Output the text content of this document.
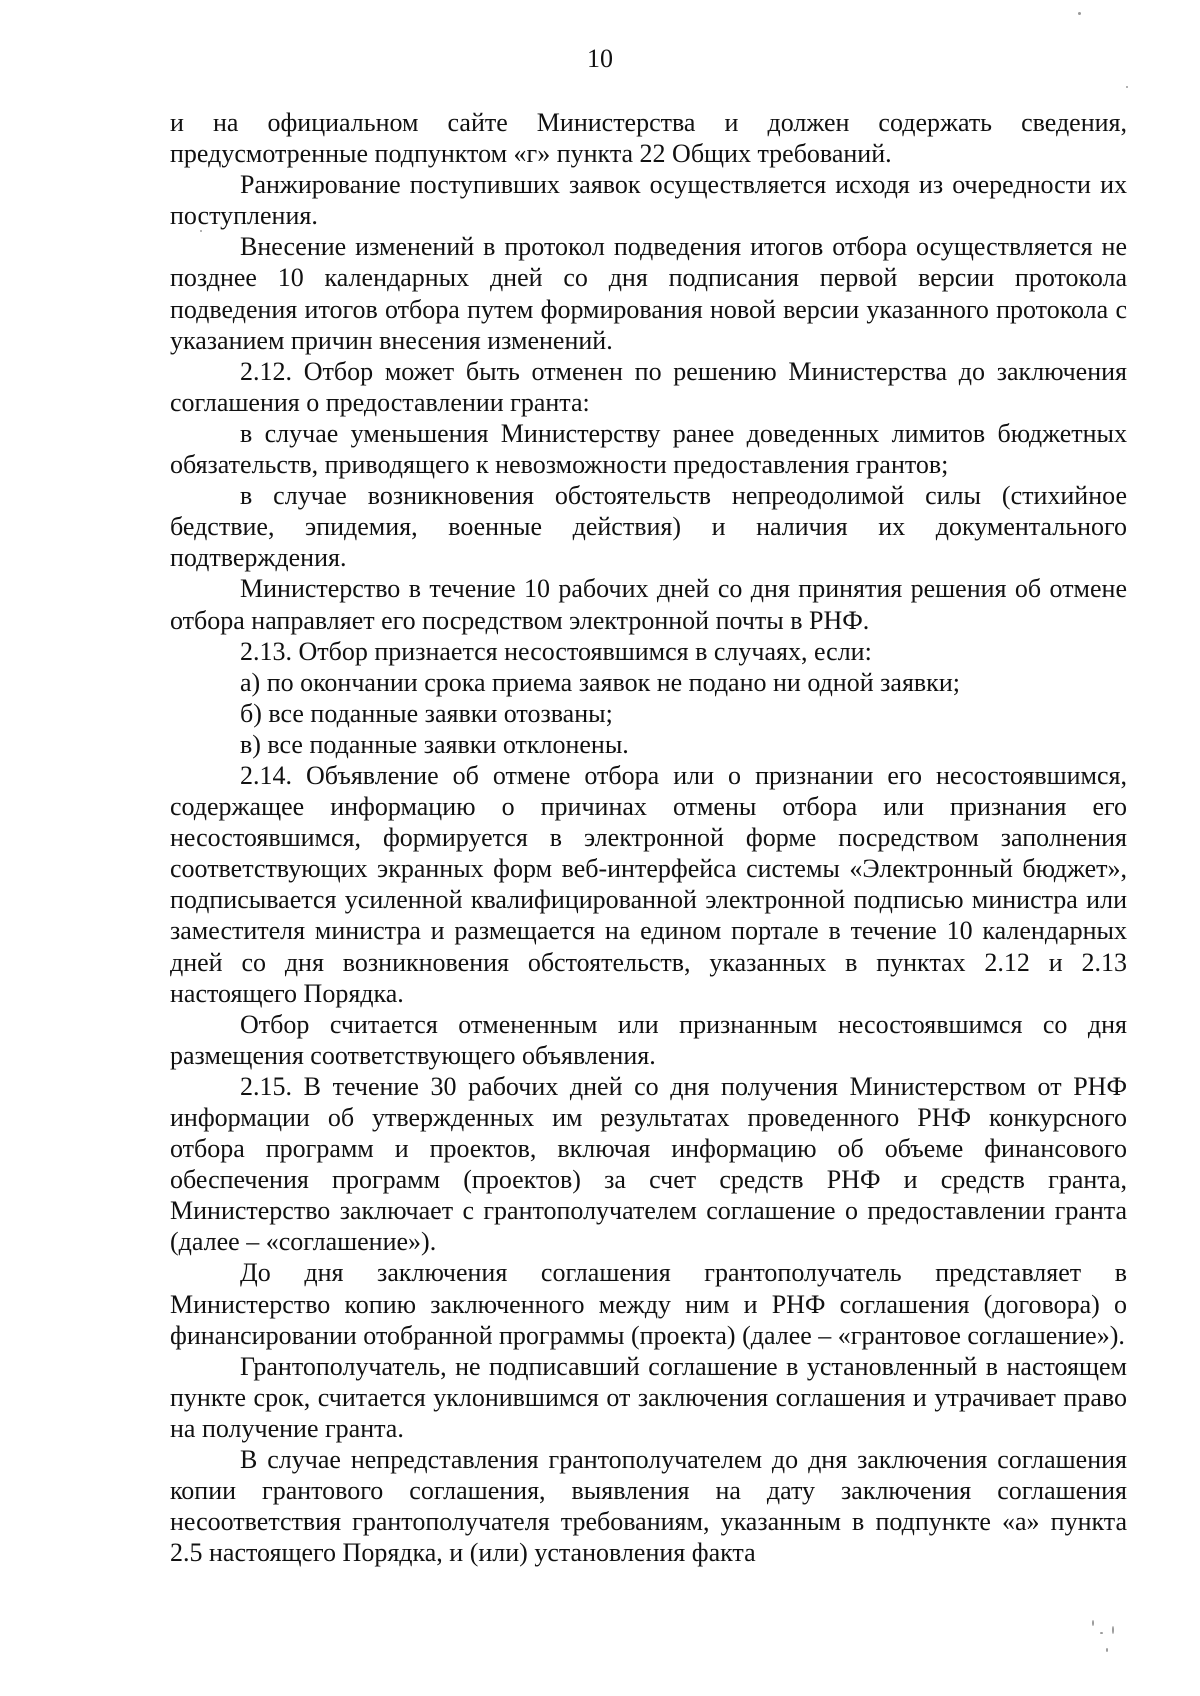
10

и на официальном сайте Министерства и должен содержать сведения, предусмотренные подпунктом «г» пункта 22 Общих требований.

Ранжирование поступивших заявок осуществляется исходя из очередности их поступления.

Внесение изменений в протокол подведения итогов отбора осуществляется не позднее 10 календарных дней со дня подписания первой версии протокола подведения итогов отбора путем формирования новой версии указанного протокола с указанием причин внесения изменений.

2.12. Отбор может быть отменен по решению Министерства до заключения соглашения о предоставлении гранта:

в случае уменьшения Министерству ранее доведенных лимитов бюджетных обязательств, приводящего к невозможности предоставления грантов;

в случае возникновения обстоятельств непреодолимой силы (стихийное бедствие, эпидемия, военные действия) и наличия их документального подтверждения.

Министерство в течение 10 рабочих дней со дня принятия решения об отмене отбора направляет его посредством электронной почты в РНФ.

2.13. Отбор признается несостоявшимся в случаях, если:

а) по окончании срока приема заявок не подано ни одной заявки;

б) все поданные заявки отозваны;

в) все поданные заявки отклонены.

2.14. Объявление об отмене отбора или о признании его несостоявшимся, содержащее информацию о причинах отмены отбора или признания его несостоявшимся, формируется в электронной форме посредством заполнения соответствующих экранных форм веб-интерфейса системы «Электронный бюджет», подписывается усиленной квалифицированной электронной подписью министра или заместителя министра и размещается на едином портале в течение 10 календарных дней со дня возникновения обстоятельств, указанных в пунктах 2.12 и 2.13 настоящего Порядка.

Отбор считается отмененным или признанным несостоявшимся со дня размещения соответствующего объявления.

2.15. В течение 30 рабочих дней со дня получения Министерством от РНФ информации об утвержденных им результатах проведенного РНФ конкурсного отбора программ и проектов, включая информацию об объеме финансового обеспечения программ (проектов) за счет средств РНФ и средств гранта, Министерство заключает с грантополучателем соглашение о предоставлении гранта (далее – «соглашение»).

До дня заключения соглашения грантополучатель представляет в Министерство копию заключенного между ним и РНФ соглашения (договора) о финансировании отобранной программы (проекта) (далее – «грантовое соглашение»).

Грантополучатель, не подписавший соглашение в установленный в настоящем пункте срок, считается уклонившимся от заключения соглашения и утрачивает право на получение гранта.

В случае непредставления грантополучателем до дня заключения соглашения копии грантового соглашения, выявления на дату заключения соглашения несоответствия грантополучателя требованиям, указанным в подпункте «а» пункта 2.5 настоящего Порядка, и (или) установления факта
